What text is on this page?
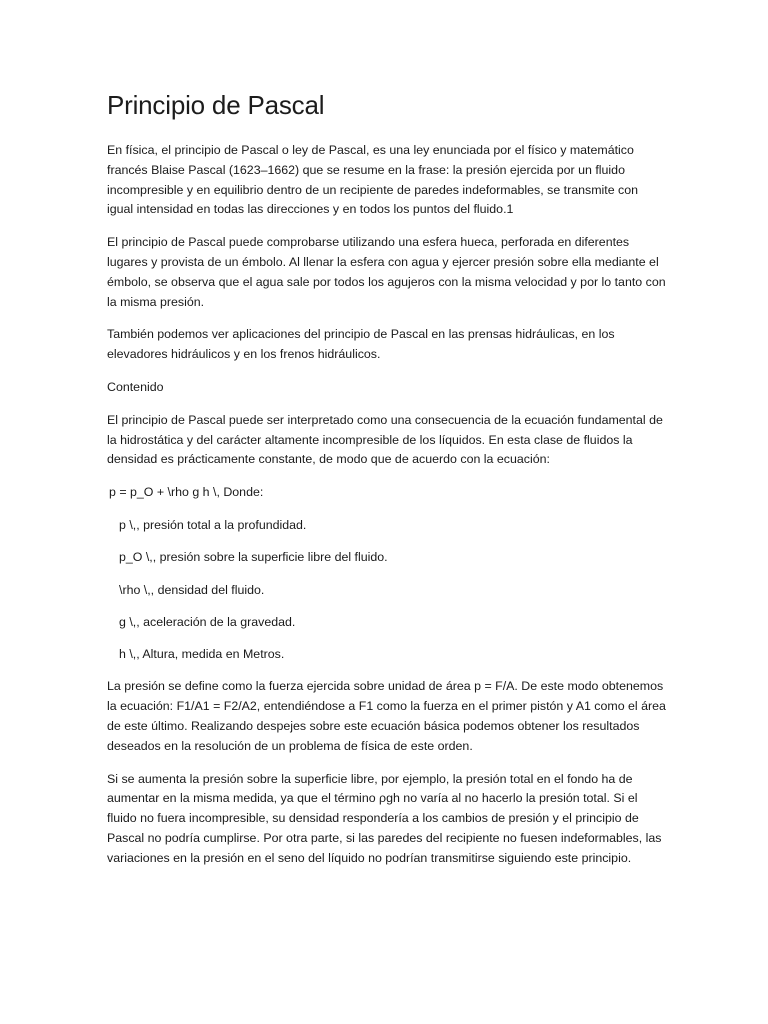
Principio de Pascal

En física, el principio de Pascal o ley de Pascal, es una ley enunciada por el físico y matemático francés Blaise Pascal (1623–1662) que se resume en la frase: la presión ejercida por un fluido incompresible y en equilibrio dentro de un recipiente de paredes indeformables, se transmite con igual intensidad en todas las direcciones y en todos los puntos del fluido.1

El principio de Pascal puede comprobarse utilizando una esfera hueca, perforada en diferentes lugares y provista de un émbolo. Al llenar la esfera con agua y ejercer presión sobre ella mediante el émbolo, se observa que el agua sale por todos los agujeros con la misma velocidad y por lo tanto con la misma presión.

También podemos ver aplicaciones del principio de Pascal en las prensas hidráulicas, en los elevadores hidráulicos y en los frenos hidráulicos.

Contenido

El principio de Pascal puede ser interpretado como una consecuencia de la ecuación fundamental de la hidrostática y del carácter altamente incompresible de los líquidos. En esta clase de fluidos la densidad es prácticamente constante, de modo que de acuerdo con la ecuación:

p = p_O + \rho g h \, Donde:

p \,, presión total a la profundidad.
p_O \,, presión sobre la superficie libre del fluido.
\rho \,, densidad del fluido.
g \,, aceleración de la gravedad.
h \,, Altura, medida en Metros.

La presión se define como la fuerza ejercida sobre unidad de área p = F/A. De este modo obtenemos la ecuación: F1/A1 = F2/A2, entendiéndose a F1 como la fuerza en el primer pistón y A1 como el área de este último. Realizando despejes sobre este ecuación básica podemos obtener los resultados deseados en la resolución de un problema de física de este orden.

Si se aumenta la presión sobre la superficie libre, por ejemplo, la presión total en el fondo ha de aumentar en la misma medida, ya que el término ρgh no varía al no hacerlo la presión total. Si el fluido no fuera incompresible, su densidad respondería a los cambios de presión y el principio de Pascal no podría cumplirse. Por otra parte, si las paredes del recipiente no fuesen indeformables, las variaciones en la presión en el seno del líquido no podrían transmitirse siguiendo este principio.
